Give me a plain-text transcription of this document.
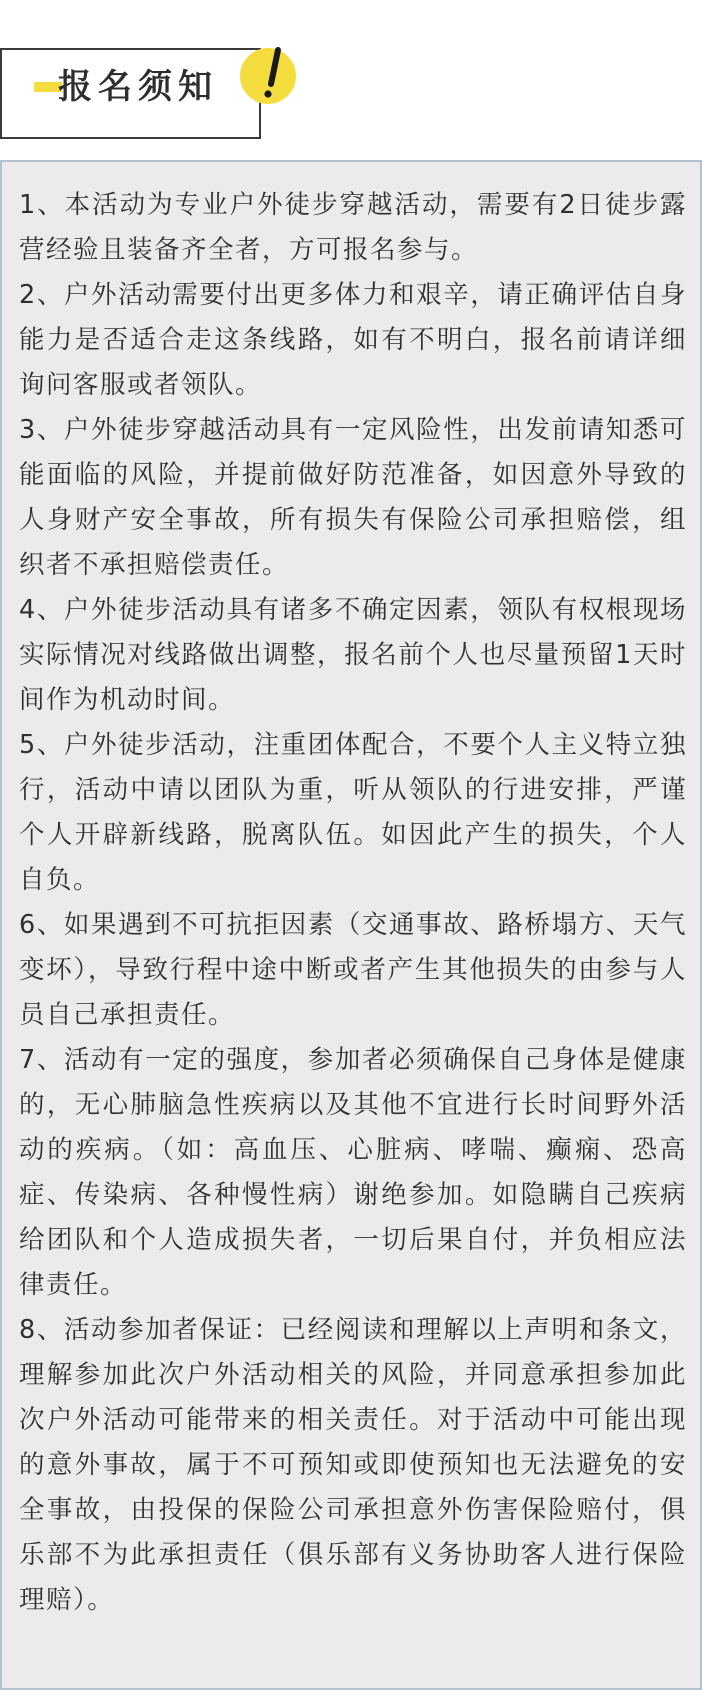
报名须知
1、本活动为专业户外徒步穿越活动，需要有2日徒步露营经验且装备齐全者，方可报名参与。
2、户外活动需要付出更多体力和艰辛，请正确评估自身能力是否适合走这条线路，如有不明白，报名前请详细询问客服或者领队。
3、户外徒步穿越活动具有一定风险性，出发前请知悉可能面临的风险，并提前做好防范准备，如因意外导致的人身财产安全事故，所有损失有保险公司承担赔偿，组织者不承担赔偿责任。
4、户外徒步活动具有诸多不确定因素，领队有权根现场实际情况对线路做出调整，报名前个人也尽量预留1天时间作为机动时间。
5、户外徒步活动，注重团体配合，不要个人主义特立独行，活动中请以团队为重，听从领队的行进安排，严谨个人开辟新线路，脱离队伍。如因此产生的损失，个人自负。
6、如果遇到不可抗拒因素（交通事故、路桥塌方、天气变坏），导致行程中途中断或者产生其他损失的由参与人员自己承担责任。
7、活动有一定的强度，参加者必须确保自己身体是健康的，无心肺脑急性疾病以及其他不宜进行长时间野外活动的疾病。（如：高血压、心脏病、哮喘、癫痫、恐高症、传染病、各种慢性病）谢绝参加。如隐瞒自己疾病给团队和个人造成损失者，一切后果自付，并负相应法律责任。
8、活动参加者保证：已经阅读和理解以上声明和条文，理解参加此次户外活动相关的风险，并同意承担参加此次户外活动可能带来的相关责任。对于活动中可能出现的意外事故，属于不可预知或即使预知也无法避免的安全事故，由投保的保险公司承担意外伤害保险赔付，俱乐部不为此承担责任（俱乐部有义务协助客人进行保险理赔）。
